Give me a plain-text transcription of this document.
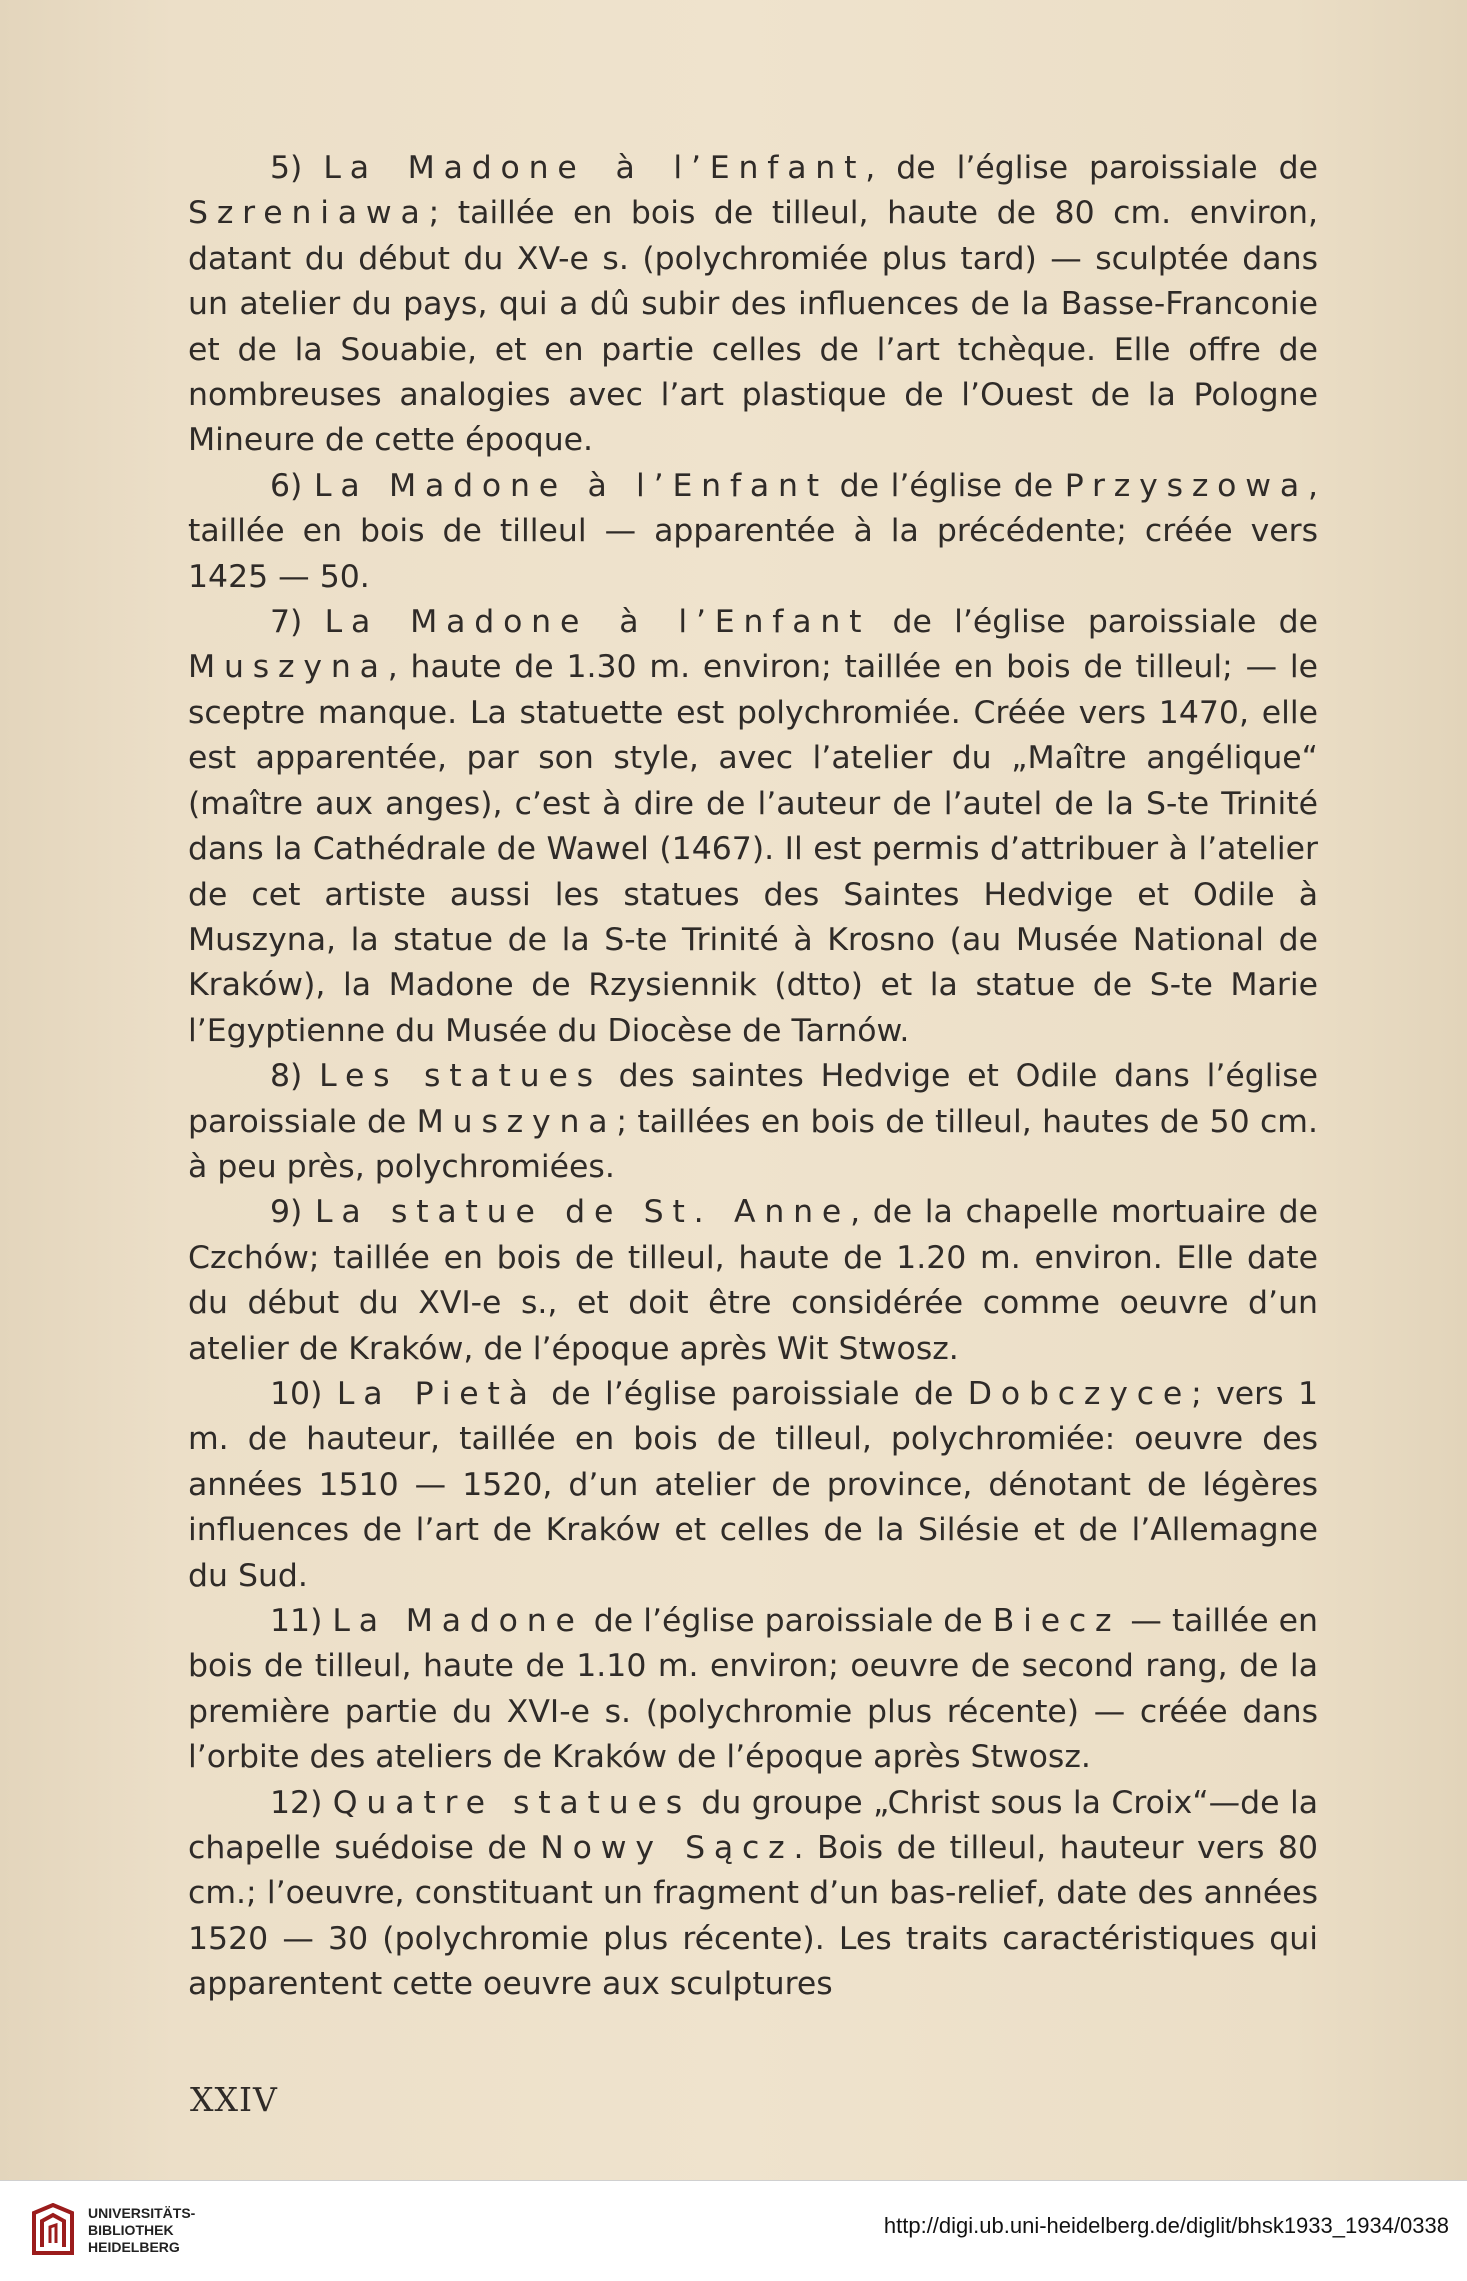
5) La Madone à l’Enfant, de l’église paroissiale de Szreniawa; taillée en bois de tilleul, haute de 80 cm. environ, datant du début du XV-e s. (polychromiée plus tard) — sculptée dans un atelier du pays, qui a dû subir des influences de la Basse-Franconie et de la Souabie, et en partie celles de l’art tchèque. Elle offre de nombreuses analogies avec l’art plastique de l’Ouest de la Pologne Mineure de cette époque.

6) La Madone à l’Enfant de l’église de Przyszowa, taillée en bois de tilleul — apparentée à la précédente; créée vers 1425 — 50.

7) La Madone à l’Enfant de l’église paroissiale de Muszyna, haute de 1.30 m. environ; taillée en bois de tilleul; — le sceptre manque. La statuette est polychromiée. Créée vers 1470, elle est apparentée, par son style, avec l’atelier du „Maître angélique“ (maître aux anges), c’est à dire de l’auteur de l’autel de la S-te Trinité dans la Cathédrale de Wawel (1467). Il est permis d’attribuer à l’atelier de cet artiste aussi les statues des Saintes Hedvige et Odile à Muszyna, la statue de la S-te Trinité à Krosno (au Musée National de Kraków), la Madone de Rzysiennik (dtto) et la statue de S-te Marie l’Egyptienne du Musée du Diocèse de Tarnów.

8) Les statues des saintes Hedvige et Odile dans l’église paroissiale de Muszyna; taillées en bois de tilleul, hautes de 50 cm. à peu près, polychromiées.

9) La statue de St. Anne, de la chapelle mortuaire de Czchów; taillée en bois de tilleul, haute de 1.20 m. environ. Elle date du début du XVI-e s., et doit être considérée comme oeuvre d’un atelier de Kraków, de l’époque après Wit Stwosz.

10) La Pietà de l’église paroissiale de Dobczyce; vers 1 m. de hauteur, taillée en bois de tilleul, polychromiée: oeuvre des années 1510 — 1520, d’un atelier de province, dénotant de légères influences de l’art de Kraków et celles de la Silésie et de l’Allemagne du Sud.

11) La Madone de l’église paroissiale de Biecz — taillée en bois de tilleul, haute de 1.10 m. environ; oeuvre de second rang, de la première partie du XVI-e s. (polychromie plus récente) — créée dans l’orbite des ateliers de Kraków de l’époque après Stwosz.

12) Quatre statues du groupe „Christ sous la Croix“—de la chapelle suédoise de Nowy Sącz. Bois de tilleul, hauteur vers 80 cm.; l’oeuvre, constituant un fragment d’un bas-relief, date des années 1520 — 30 (polychromie plus récente). Les traits caractéristiques qui apparentent cette oeuvre aux sculptures

XXIV
UNIVERSITÄTS-
BIBLIOTHEK
HEIDELBERG
http://digi.ub.uni-heidelberg.de/diglit/bhsk1933_1934/0338
